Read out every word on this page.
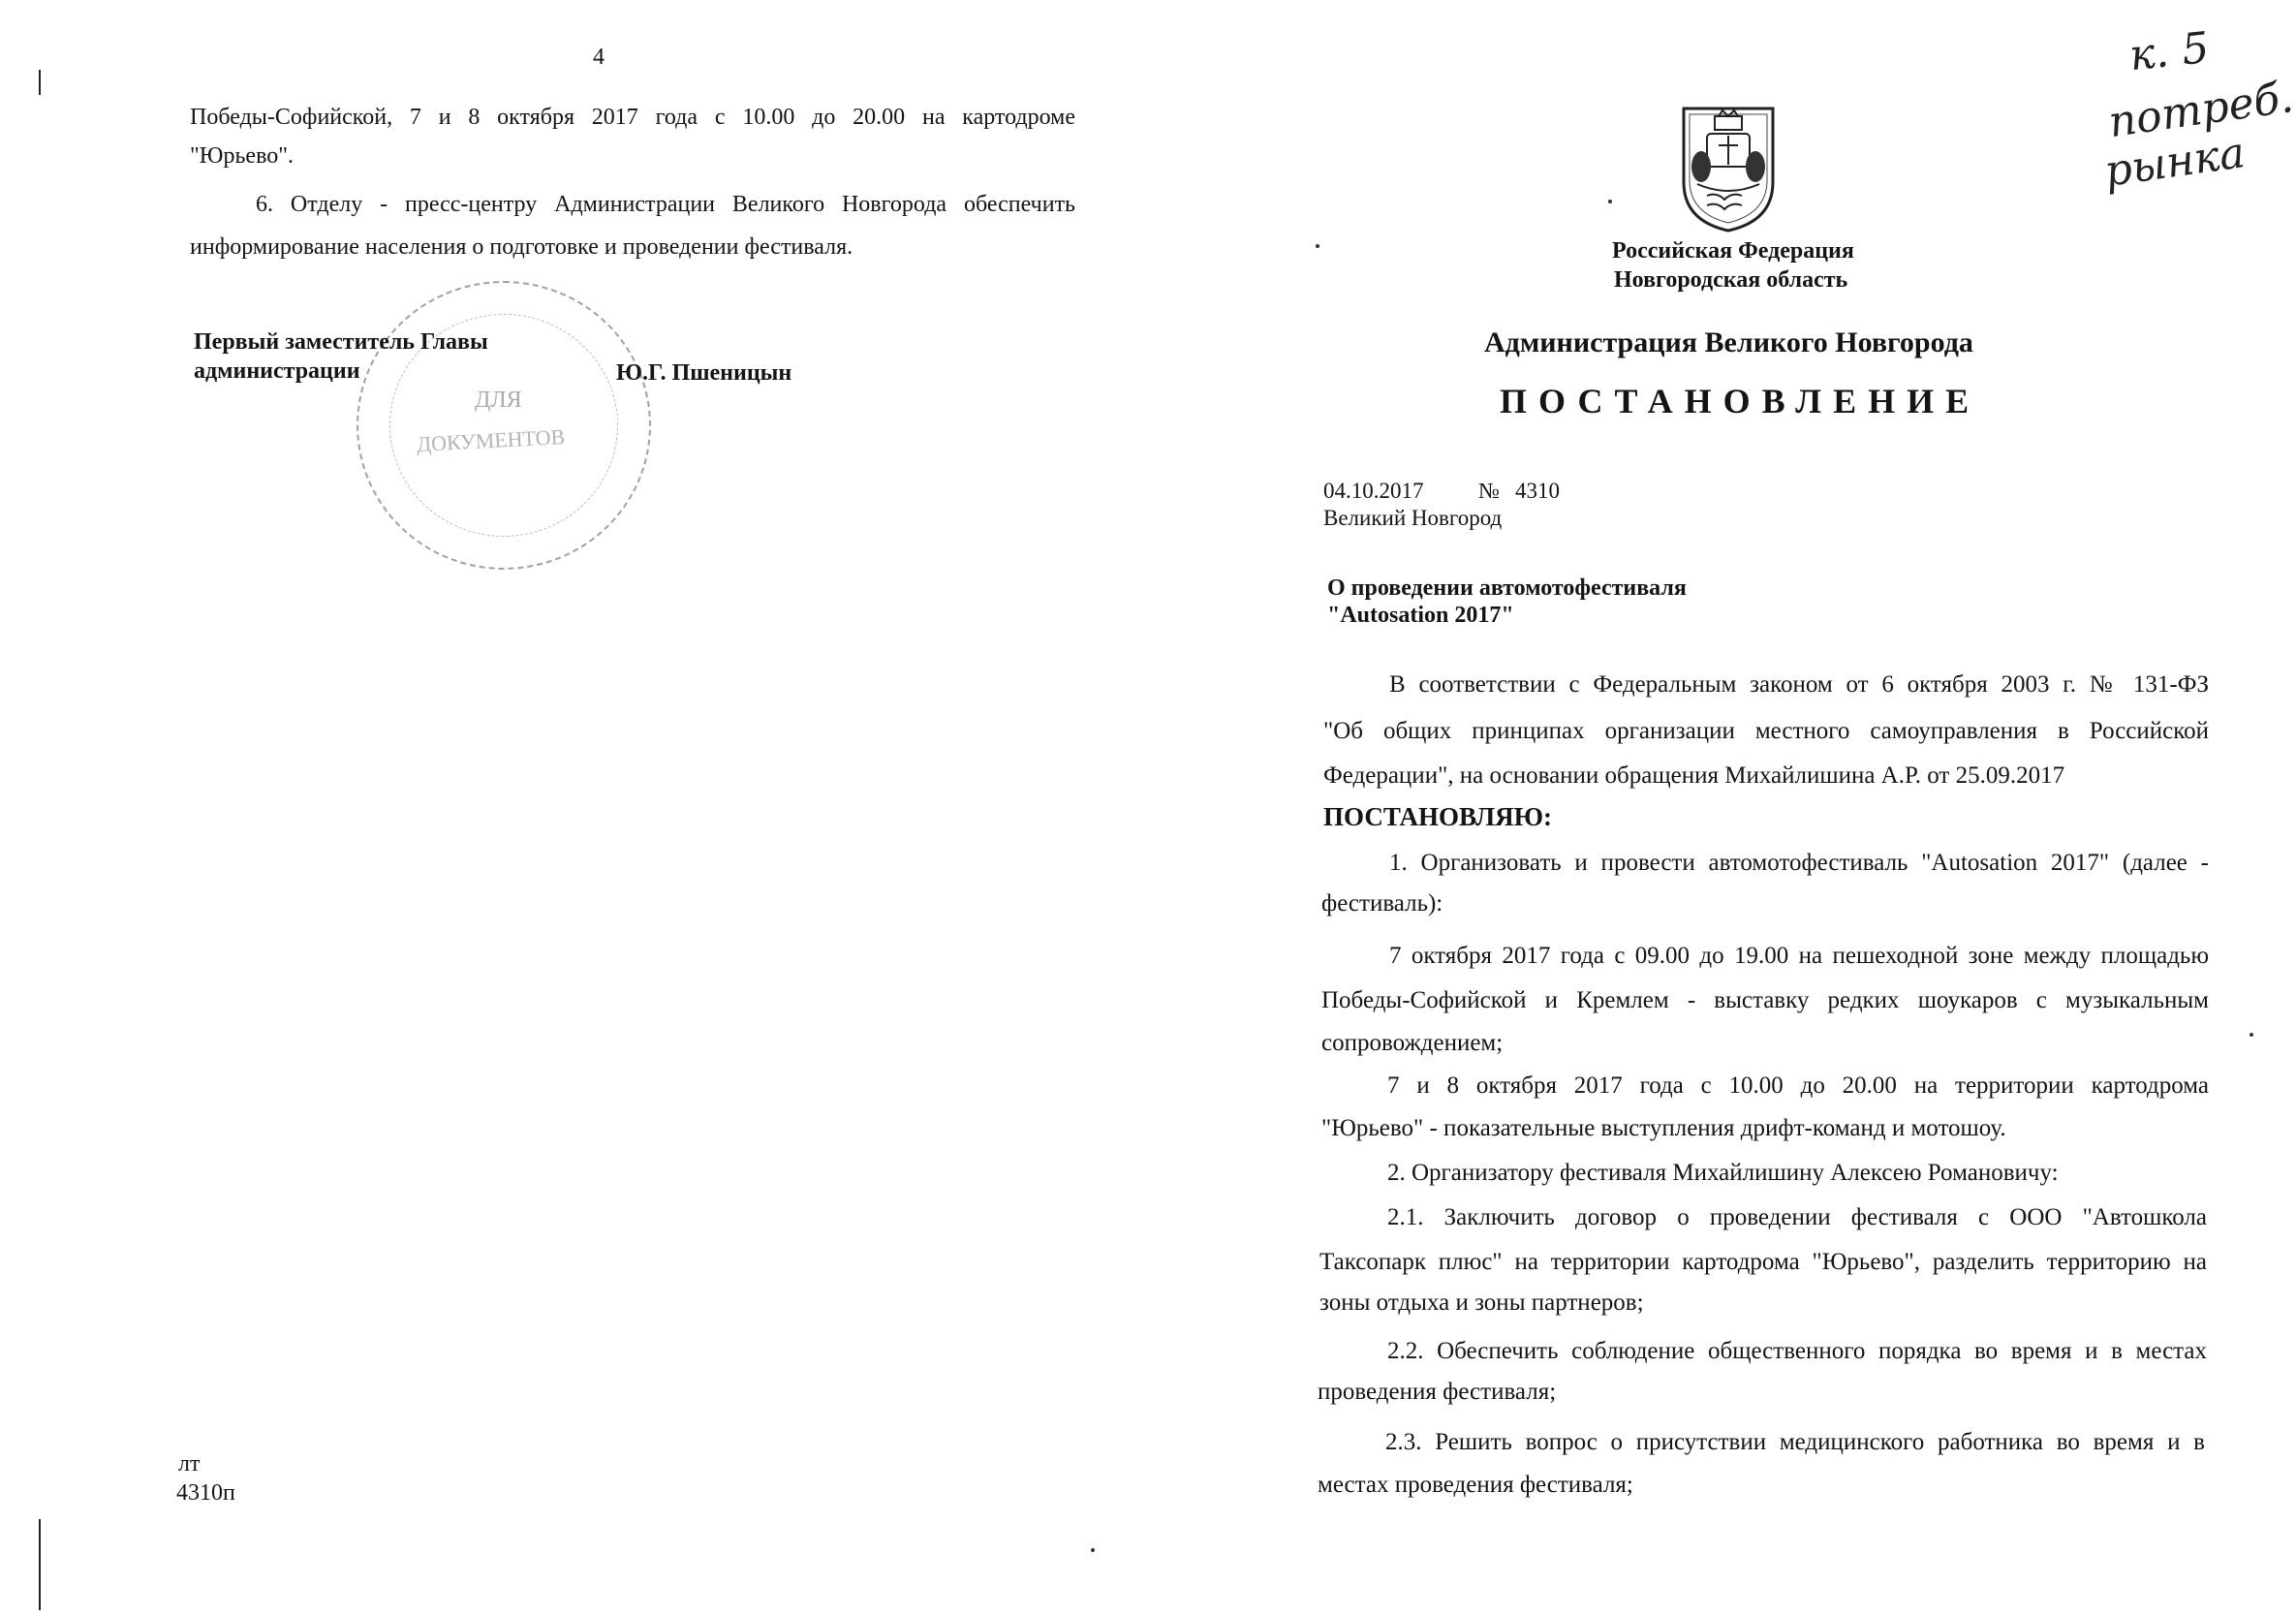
4
Победы-Софийской, 7 и 8 октября 2017 года с 10.00 до 20.00 на картодроме
"Юрьево".
6. Отделу - пресс-центру Администрации Великого Новгорода обеспечить
информирование населения о подготовке и проведении фестиваля.
ДЛЯ
ДОКУМЕНТОВ
Первый заместитель Главы
администрации	Ю.Г. Пшеницын
лт
4310п
к. 5
потреб.
рынка
Российская Федерация
Новгородская область
Администрация Великого Новгорода
ПОСТАНОВЛЕНИЕ
04.10.2017 № 4310
Великий Новгород
О проведении автомотофестиваля
"Autosation 2017"
В соответствии с Федеральным законом от 6 октября 2003 г. № 131-ФЗ
"Об общих принципах организации местного самоуправления в Российской
Федерации", на основании обращения Михайлишина А.Р. от 25.09.2017
ПОСТАНОВЛЯЮ:
1. Организовать и провести автомотофестиваль "Autosation 2017" (далее -
фестиваль):
7 октября 2017 года с 09.00 до 19.00 на пешеходной зоне между площадью
Победы-Софийской и Кремлем - выставку редких шоукаров с музыкальным
сопровождением;
7 и 8 октября 2017 года с 10.00 до 20.00 на территории картодрома
"Юрьево" - показательные выступления дрифт-команд и мотошоу.
2. Организатору фестиваля Михайлишину Алексею Романовичу:
2.1. Заключить договор о проведении фестиваля с ООО "Автошкола
Таксопарк плюс" на территории картодрома "Юрьево", разделить территорию на
зоны отдыха и зоны партнеров;
2.2. Обеспечить соблюдение общественного порядка во время и в местах
проведения фестиваля;
2.3. Решить вопрос о присутствии медицинского работника во время и в
местах проведения фестиваля;
